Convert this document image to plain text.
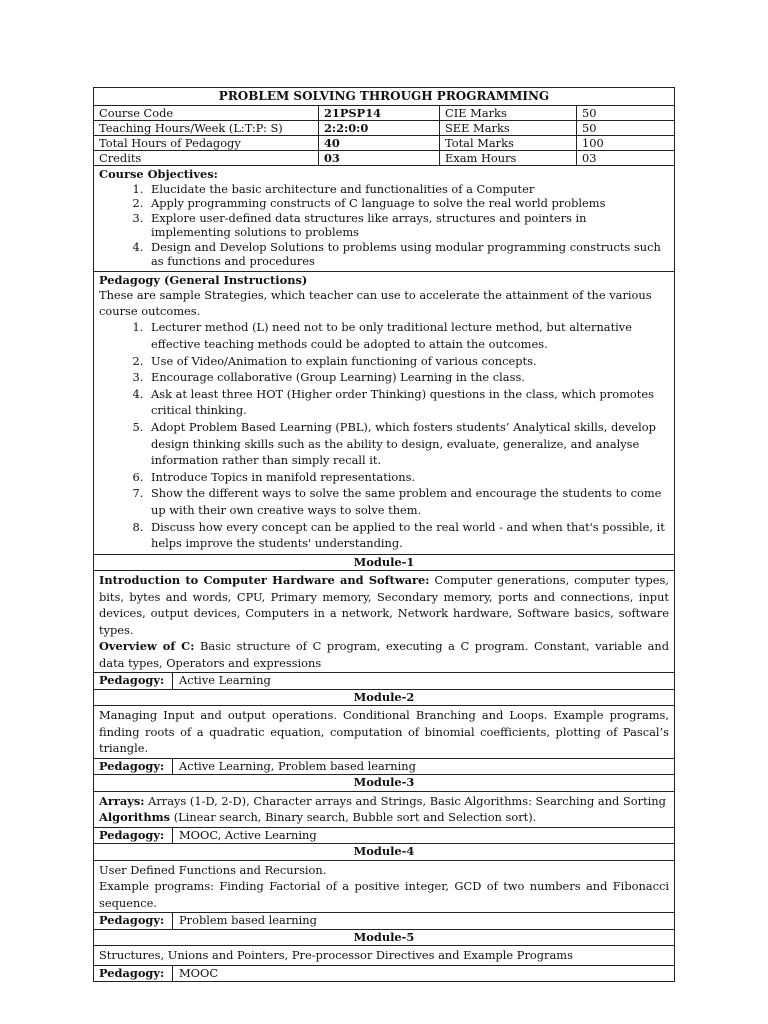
PROBLEM SOLVING THROUGH PROGRAMMING
Course Code	21PSP14	CIE Marks	50
Teaching Hours/Week (L:T:P: S)	2:2:0:0	SEE Marks	50
Total Hours of Pedagogy	40	Total Marks	100
Credits	03	Exam Hours	03
Course Objectives:
1. Elucidate the basic architecture and functionalities of a Computer
2. Apply programming constructs of C language to solve the real world problems
3. Explore user-defined data structures like arrays, structures and pointers in implementing solutions to problems
4. Design and Develop Solutions to problems using modular programming constructs such as functions and procedures
Pedagogy (General Instructions)
These are sample Strategies, which teacher can use to accelerate the attainment of the various course outcomes.
1. Lecturer method (L) need not to be only traditional lecture method, but alternative effective teaching methods could be adopted to attain the outcomes.
2. Use of Video/Animation to explain functioning of various concepts.
3. Encourage collaborative (Group Learning) Learning in the class.
4. Ask at least three HOT (Higher order Thinking) questions in the class, which promotes critical thinking.
5. Adopt Problem Based Learning (PBL), which fosters students’ Analytical skills, develop design thinking skills such as the ability to design, evaluate, generalize, and analyse information rather than simply recall it.
6. Introduce Topics in manifold representations.
7. Show the different ways to solve the same problem and encourage the students to come up with their own creative ways to solve them.
8. Discuss how every concept can be applied to the real world - and when that's possible, it helps improve the students' understanding.
Module-1
Introduction to Computer Hardware and Software: Computer generations, computer types, bits, bytes and words, CPU, Primary memory, Secondary memory, ports and connections, input devices, output devices, Computers in a network, Network hardware, Software basics, software types.
Overview of C: Basic structure of C program, executing a C program. Constant, variable and data types, Operators and expressions
Pedagogy:	Active Learning
Module-2
Managing Input and output operations. Conditional Branching and Loops. Example programs, finding roots of a quadratic equation, computation of binomial coefficients, plotting of Pascal’s triangle.
Pedagogy:	Active Learning, Problem based learning
Module-3
Arrays: Arrays (1-D, 2-D), Character arrays and Strings, Basic Algorithms: Searching and Sorting
Algorithms (Linear search, Binary search, Bubble sort and Selection sort).
Pedagogy:	MOOC, Active Learning
Module-4
User Defined Functions and Recursion.
Example programs: Finding Factorial of a positive integer, GCD of two numbers and Fibonacci sequence.
Pedagogy:	Problem based learning
Module-5
Structures, Unions and Pointers, Pre-processor Directives and Example Programs
Pedagogy:	MOOC
